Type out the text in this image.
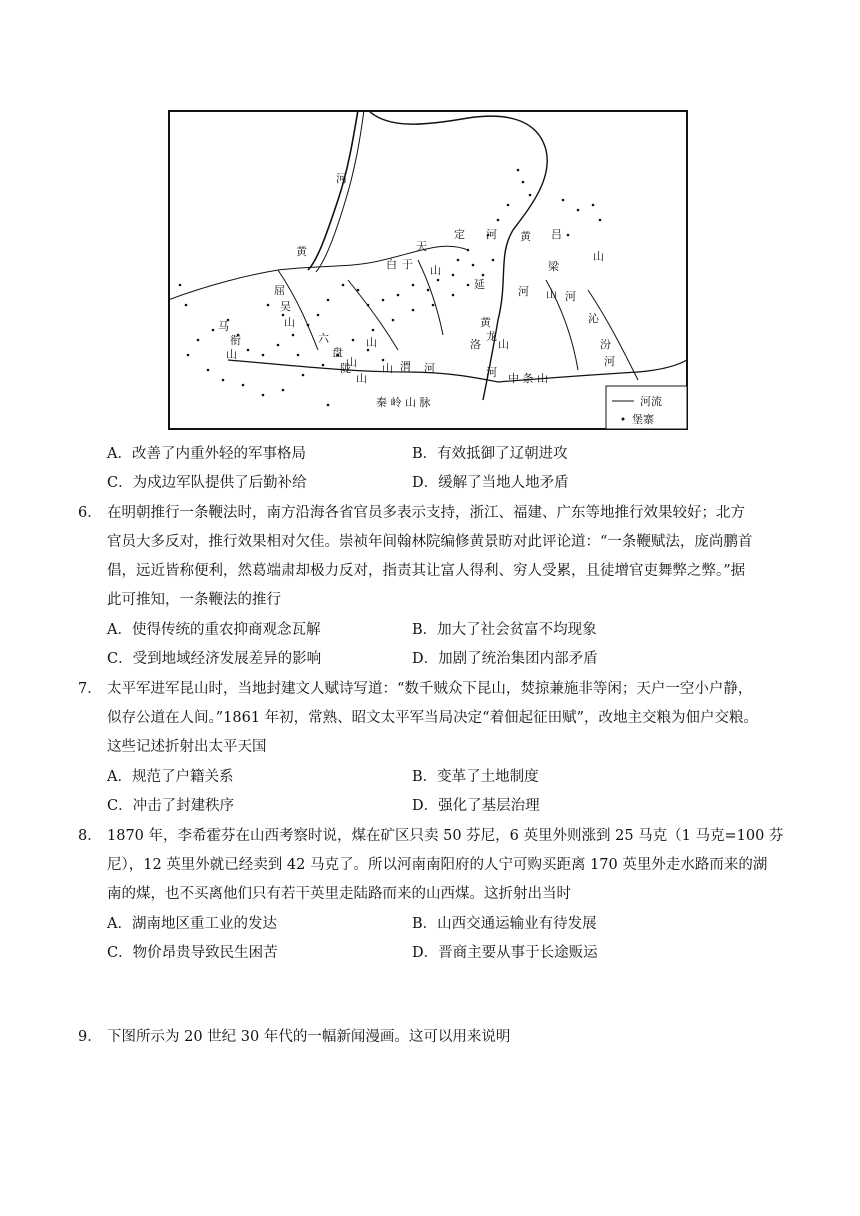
河
黄	天
定 河 黄 吕
白 于 山
延
梁
河
屈
吴
山
山 河
山
沁
马
衔
山
六
盘
山
黄
龙
洛	汾
河
山
河
山
山	中 条 山
陇	山 渭 河
秦 岭 山 脉	河流
堡寨
A．改善了内重外轻的军事格局	B．有效抵御了辽朝进攻
C．为戍边军队提供了后勤补给	D．缓解了当地人地矛盾
6． 在明朝推行一条鞭法时，南方沿海各省官员多表示支持，浙江、福建、广东等地推行效果较好；北方
官员大多反对，推行效果相对欠佳。崇祯年间翰林院编修黄景昉对此评论道：“一条鞭赋法，庞尚鹏首
倡，远近皆称便利，然葛端肃却极力反对，指责其让富人得利、穷人受累，且徒增官吏舞弊之弊。”据
此可推知，一条鞭法的推行
A．使得传统的重农抑商观念瓦解	B．加大了社会贫富不均现象
C．受到地域经济发展差异的影响	D．加剧了统治集团内部矛盾
7． 太平军进军昆山时，当地封建文人赋诗写道：“数千贼众下昆山，焚掠兼施非等闲；天户一空小户静，
似存公道在人间。”1861 年初，常熟、昭文太平军当局决定“着佃起征田赋”，改地主交粮为佃户交粮。
这些记述折射出太平天国
A．规范了户籍关系	B．变革了土地制度
C．冲击了封建秩序	D．强化了基层治理
8． 1870 年，李希霍芬在山西考察时说，煤在矿区只卖 50 芬尼，6 英里外则涨到 25 马克（1 马克=100 芬
尼），12 英里外就已经卖到 42 马克了。所以河南南阳府的人宁可购买距离 170 英里外走水路而来的湖
南的煤，也不买离他们只有若干英里走陆路而来的山西煤。这折射出当时
A．湖南地区重工业的发达	B．山西交通运输业有待发展
C．物价昂贵导致民生困苦	D．晋商主要从事于长途贩运
9． 下图所示为 20 世纪 30 年代的一幅新闻漫画。这可以用来说明
